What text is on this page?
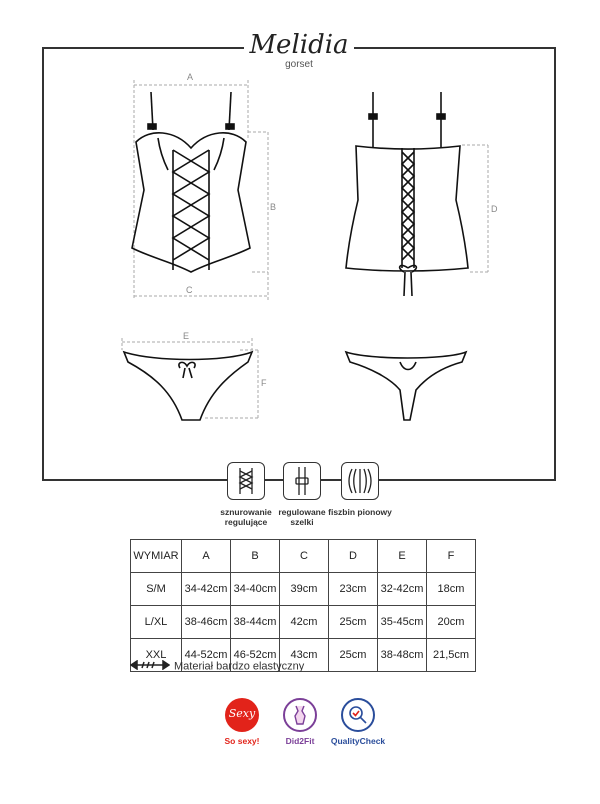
Melidia
gorset
A
B
C
D
E
F
sznurowanie
regulujące
regulowane
szelki
fiszbin pionowy
WYMIAR	A	B	C	D	E	F
S/M	34-42cm	34-40cm	39cm	23cm	32-42cm	18cm
L/XL	38-46cm	38-44cm	42cm	25cm	35-45cm	20cm
XXL	44-52cm	46-52cm	43cm	25cm	38-48cm	21,5cm
Materiał bardzo elastyczny
Sexy
So sexy!	Did2Fit	QualityCheck
